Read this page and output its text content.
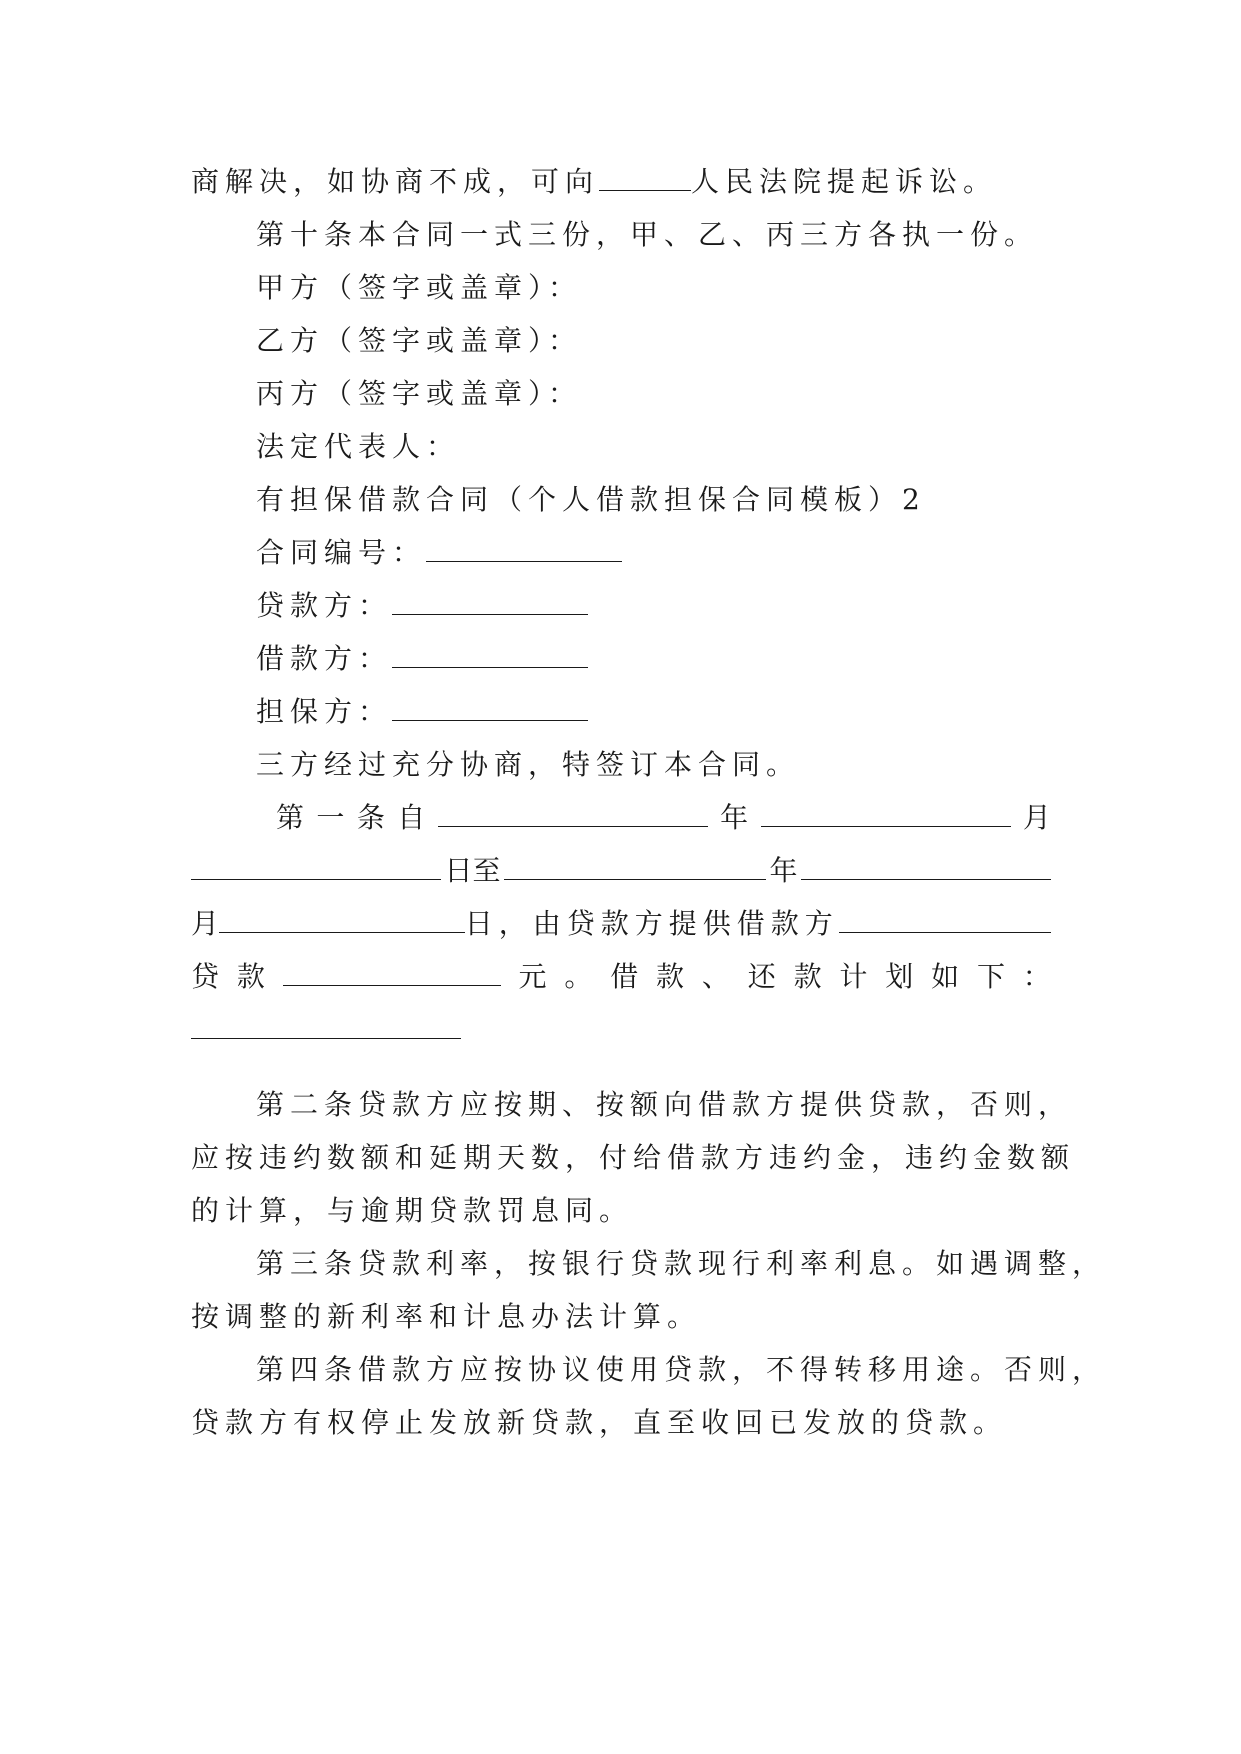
商解决，如协商不成，可向	人民法院提起诉讼。
第十条本合同一式三份，甲、乙、丙三方各执一份。
甲方（签字或盖章）：
乙方（签字或盖章）：
丙方（签字或盖章）：
法定代表人：
有担保借款合同（个人借款担保合同模板）2
合同编号：
贷款方：
借款方：
担保方：
三方经过充分协商，特签订本合同。
第 一 条 自	年	月
日至	年
月	日，由贷款方提供借款方
贷 款	元 。 借 款 、 还 款 计 划 如 下 ：
第二条贷款方应按期、按额向借款方提供贷款，否则，
应按违约数额和延期天数，付给借款方违约金，违约金数额
的计算，与逾期贷款罚息同。
第三条贷款利率，按银行贷款现行利率利息。如遇调整，
按调整的新利率和计息办法计算。
第四条借款方应按协议使用贷款，不得转移用途。否则，
贷款方有权停止发放新贷款，直至收回已发放的贷款。
